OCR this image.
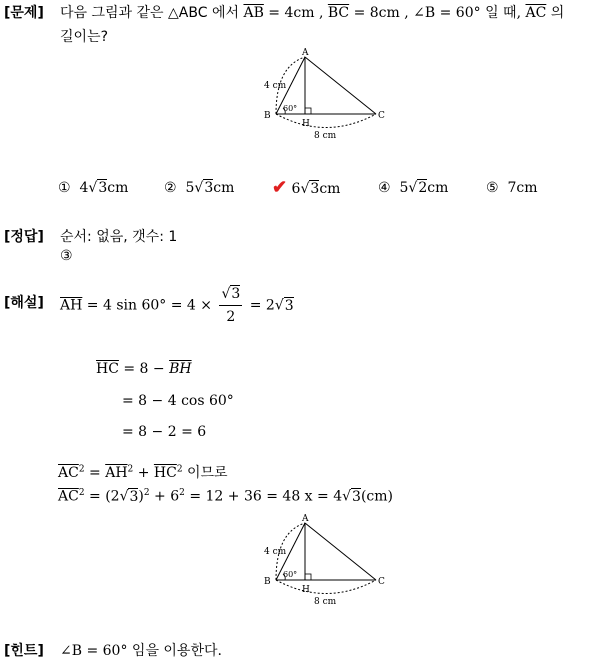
[문제] 다음 그림과 같은 △ABC 에서 $\overline{AB} = 4cm$ , $\overline{BC} = 8cm$ , ∠B = 60° 일 때, $\overline{AC}$ 의
길이는?
A
B	C
H
4 cm
60°
8 cm
① 4√3cm	② 5√3cm ✔ 6√3cm	④ 5√2cm	⑤ 7cm
[정답] 순서: 없음, 갯수: 1
③
[해설] $\overline{AH} = 4$ $\sin 60^\circ = 4 \times \frac{√3}{2} = 2√3$
$\overline{HC} = 8 - \overline{BH}$
= 8 − 4 cos 60°
= 8 − 2 = 6
$\overline{AC}^2 = \overline{AH}^2 + \overline{HC}^2$ 이므로
$\overline{AC}^2 = (2√3)^2 + 6^2 = 12 + 36 = 48$ x = 4√3(cm)
A
B	C
H
4 cm
60°
8 cm
[힌트] ∠B = 60° 임을 이용한다.
